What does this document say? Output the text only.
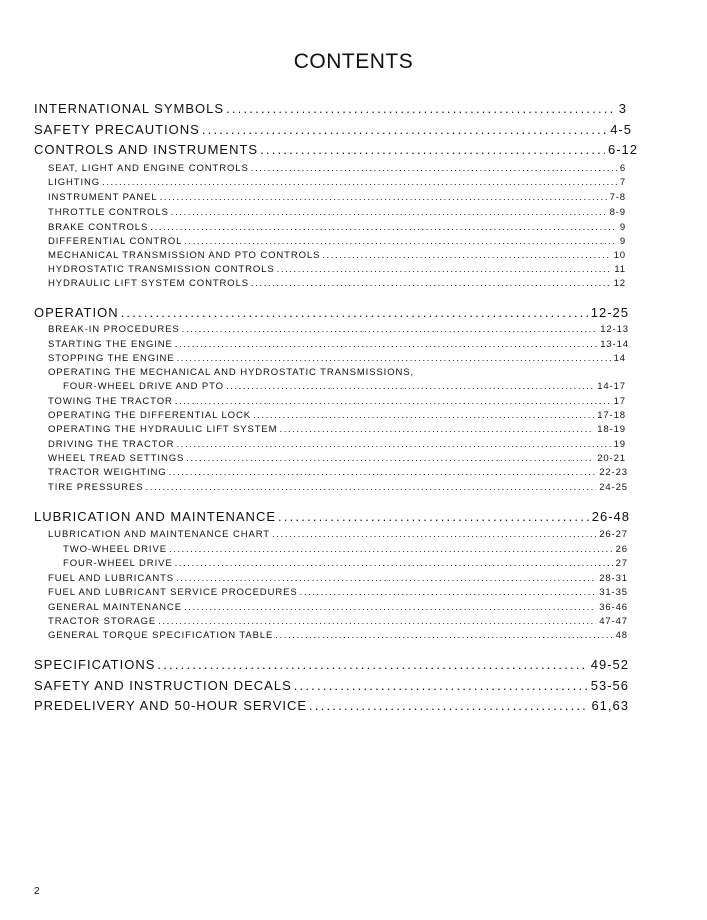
CONTENTS
INTERNATIONAL SYMBOLS .....	3
SAFETY PRECAUTIONS .....	4-5
CONTROLS AND INSTRUMENTS .....	6-12
SEAT, LIGHT AND ENGINE CONTROLS .....	6
LIGHTING .....	7
INSTRUMENT PANEL .....	7-8
THROTTLE CONTROLS .....	8-9
BRAKE CONTROLS .....	9
DIFFERENTIAL CONTROL .....	9
MECHANICAL TRANSMISSION AND PTO CONTROLS .....	10
HYDROSTATIC TRANSMISSION CONTROLS .....	11
HYDRAULIC LIFT SYSTEM CONTROLS .....	12
OPERATION .....	12-25
BREAK-IN PROCEDURES .....	12-13
STARTING THE ENGINE .....	13-14
STOPPING THE ENGINE .....	14
OPERATING THE MECHANICAL AND HYDROSTATIC TRANSMISSIONS,
FOUR-WHEEL DRIVE AND PTO .....	14-17
TOWING THE TRACTOR .....	17
OPERATING THE DIFFERENTIAL LOCK .....	17-18
OPERATING THE HYDRAULIC LIFT SYSTEM .....	18-19
DRIVING THE TRACTOR .....	19
WHEEL TREAD SETTINGS .....	20-21
TRACTOR WEIGHTING .....	22-23
TIRE PRESSURES .....	24-25
LUBRICATION AND MAINTENANCE .....	26-48
LUBRICATION AND MAINTENANCE CHART .....	26-27
TWO-WHEEL DRIVE .....	26
FOUR-WHEEL DRIVE .....	27
FUEL AND LUBRICANTS .....	28-31
FUEL AND LUBRICANT SERVICE PROCEDURES .....	31-35
GENERAL MAINTENANCE .....	36-46
TRACTOR STORAGE .....	47-47
GENERAL TORQUE SPECIFICATION TABLE .....	48
SPECIFICATIONS .....	49-52
SAFETY AND INSTRUCTION DECALS .....	53-56
PREDELIVERY AND 50-HOUR SERVICE .....	61,63
2
